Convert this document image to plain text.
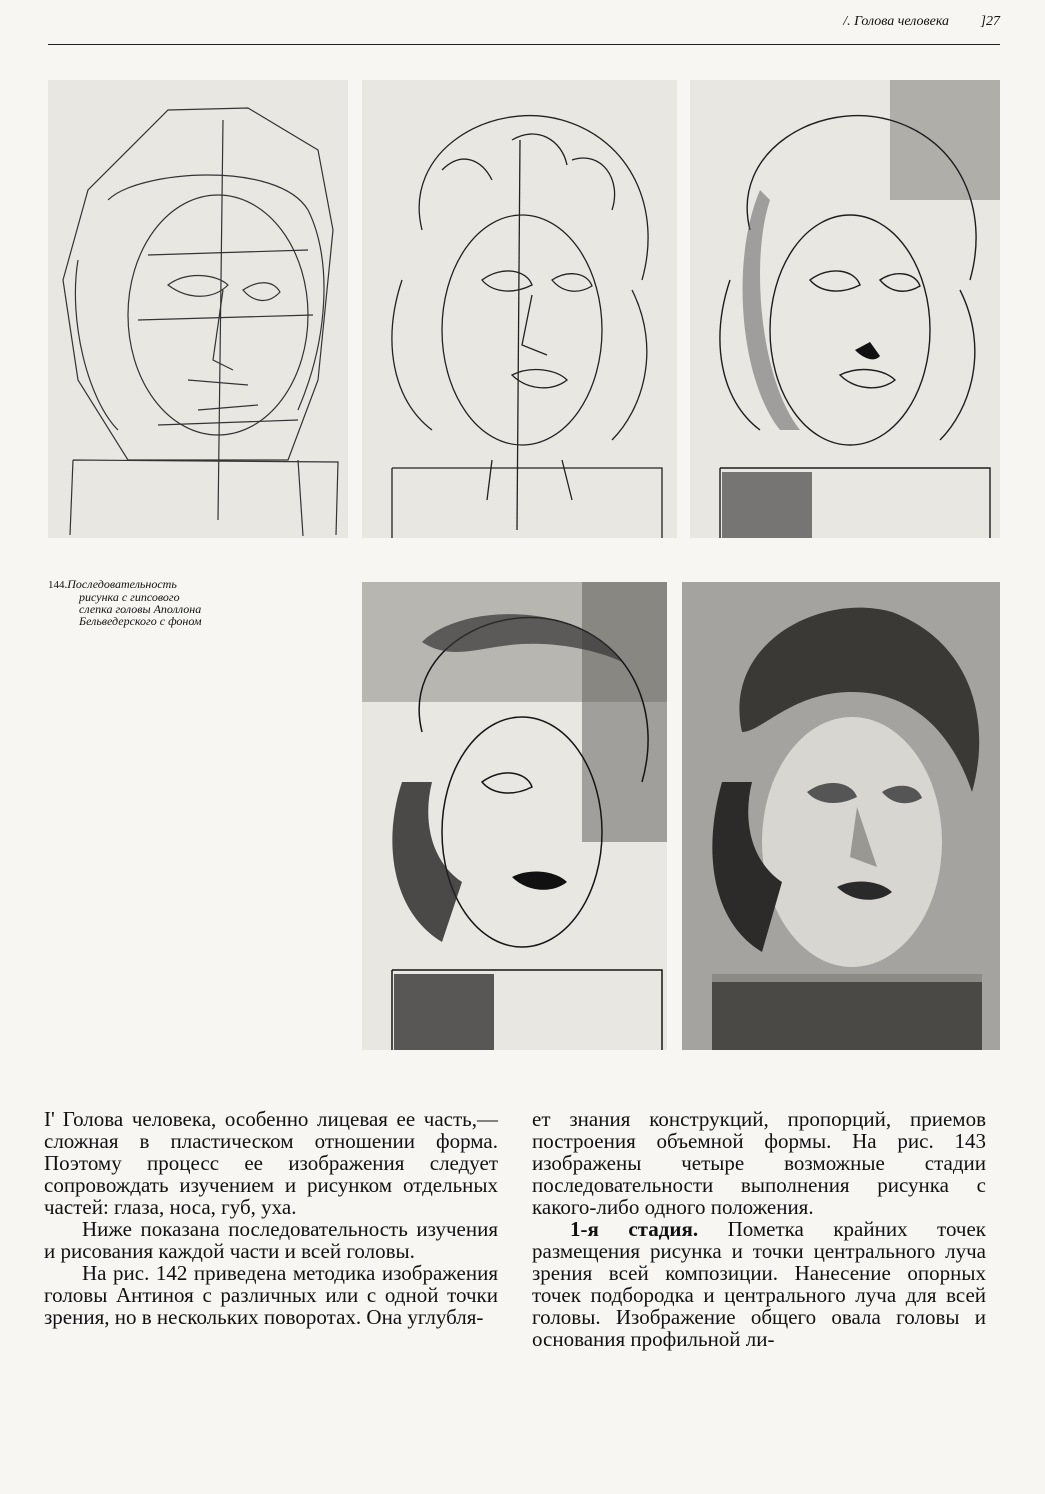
/. Голова человека ]27
144.Последовательность
рисунка с гипсового
слепка головы Аполлона
Бельведерского с фоном

I' Голова человека, особенно лицевая ее часть,— сложная в пластическом отношении форма. Поэтому процесс ее изображения следует сопровождать изучением и рисунком отдельных частей: глаза, носа, губ, уха.

Ниже показана последовательность изучения и рисования каждой части и всей головы.

На рис. 142 приведена методика изображения головы Антиноя с различных или с одной точки зрения, но в нескольких поворотах. Она углубля-

ет знания конструкций, пропорций, приемов построения объемной формы. На рис. 143 изображены четыре возможные стадии последовательности выполнения рисунка с какого-либо одного положения.

1-я стадия. Пометка крайних точек размещения рисунка и точки центрального луча зрения всей композиции. Нанесение опорных точек подбородка и центрального луча для всей головы. Изображение общего овала головы и основания профильной ли-
